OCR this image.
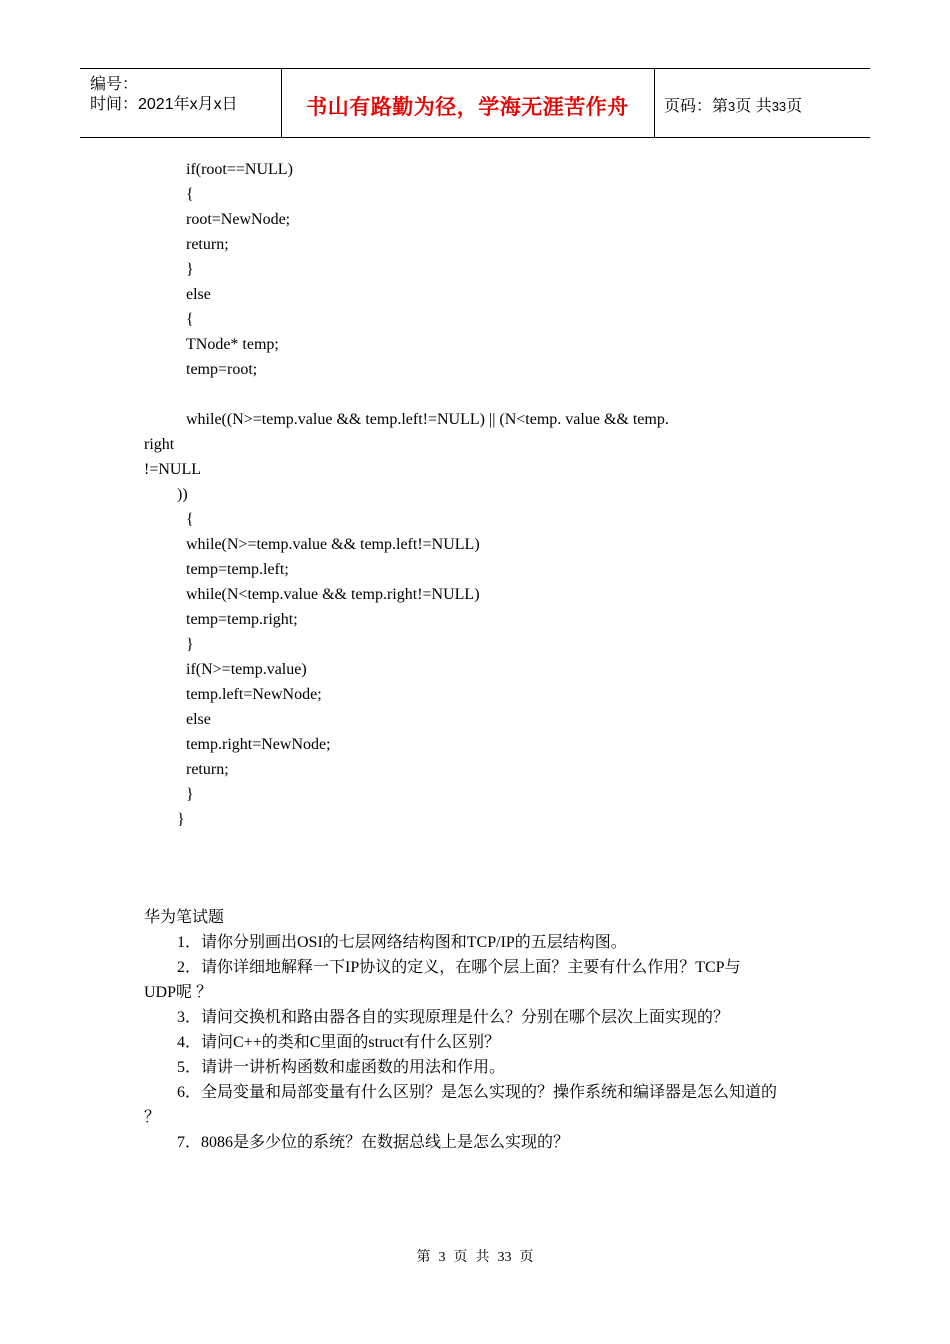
编号：
时间：2021年x月x日	书山有路勤为径，学海无涯苦作舟	页码：第3页 共33页
if(root==NULL)
{
root=NewNode;
return;
}
else
{
TNode* temp;
temp=root;
while((N>=temp.value && temp.left!=NULL) || (N<temp. value && temp.
right
!=NULL
))
{
while(N>=temp.value && temp.left!=NULL)
temp=temp.left;
while(N<temp.value && temp.right!=NULL)
temp=temp.right;
}
if(N>=temp.value)
temp.left=NewNode;
else
temp.right=NewNode;
return;
}
}
华为笔试题
1．请你分别画出OSI的七层网络结构图和TCP/IP的五层结构图。
2．请你详细地解释一下IP协议的定义，在哪个层上面？主要有什么作用？TCP与
UDP呢 ？
3．请问交换机和路由器各自的实现原理是什么？分别在哪个层次上面实现的？
4．请问C++的类和C里面的struct有什么区别？
5．请讲一讲析构函数和虚函数的用法和作用。
6．全局变量和局部变量有什么区别？是怎么实现的？操作系统和编译器是怎么知道的
？
7．8086是多少位的系统？在数据总线上是怎么实现的？
第 3 页 共 33 页
